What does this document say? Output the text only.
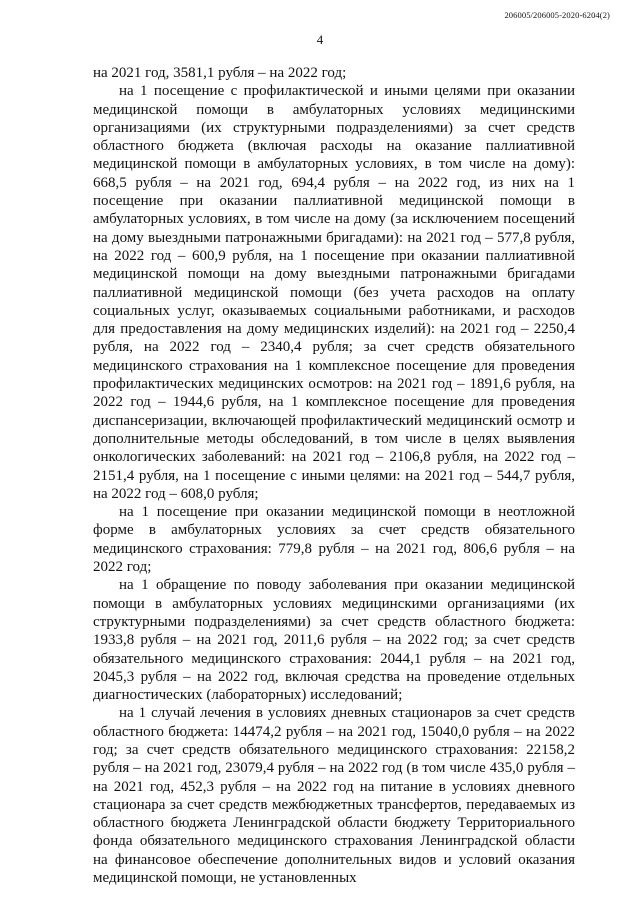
206005/206005-2020-6204(2)
4

на 2021 год, 3581,1 рубля – на 2022 год;

на 1 посещение с профилактической и иными целями при оказании медицинской помощи в амбулаторных условиях медицинскими организациями (их структурными подразделениями) за счет средств областного бюджета (включая расходы на оказание паллиативной медицинской помощи в амбулаторных условиях, в том числе на дому): 668,5 рубля – на 2021 год, 694,4 рубля – на 2022 год, из них на 1 посещение при оказании паллиативной медицинской помощи в амбулаторных условиях, в том числе на дому (за исключением посещений на дому выездными патронажными бригадами): на 2021 год – 577,8 рубля, на 2022 год – 600,9 рубля, на 1 посещение при оказании паллиативной медицинской помощи на дому выездными патронажными бригадами паллиативной медицинской помощи (без учета расходов на оплату социальных услуг, оказываемых социальными работниками, и расходов для предоставления на дому медицинских изделий): на 2021 год – 2250,4 рубля, на 2022 год – 2340,4 рубля; за счет средств обязательного медицинского страхования на 1 комплексное посещение для проведения профилактических медицинских осмотров: на 2021 год – 1891,6 рубля, на 2022 год – 1944,6 рубля, на 1 комплексное посещение для проведения диспансеризации, включающей профилактический медицинский осмотр и дополнительные методы обследований, в том числе в целях выявления онкологических заболеваний: на 2021 год – 2106,8 рубля, на 2022 год – 2151,4 рубля, на 1 посещение с иными целями: на 2021 год – 544,7 рубля, на 2022 год – 608,0 рубля;

на 1 посещение при оказании медицинской помощи в неотложной форме в амбулаторных условиях за счет средств обязательного медицинского страхования: 779,8 рубля – на 2021 год, 806,6 рубля – на 2022 год;

на 1 обращение по поводу заболевания при оказании медицинской помощи в амбулаторных условиях медицинскими организациями (их структурными подразделениями) за счет средств областного бюджета: 1933,8 рубля – на 2021 год, 2011,6 рубля – на 2022 год; за счет средств обязательного медицинского страхования: 2044,1 рубля – на 2021 год, 2045,3 рубля – на 2022 год, включая средства на проведение отдельных диагностических (лабораторных) исследований;

на 1 случай лечения в условиях дневных стационаров за счет средств областного бюджета: 14474,2 рубля – на 2021 год, 15040,0 рубля – на 2022 год; за счет средств обязательного медицинского страхования: 22158,2 рубля – на 2021 год, 23079,4 рубля – на 2022 год (в том числе 435,0 рубля – на 2021 год, 452,3 рубля – на 2022 год на питание в условиях дневного стационара за счет средств межбюджетных трансфертов, передаваемых из областного бюджета Ленинградской области бюджету Территориального фонда обязательного медицинского страхования Ленинградской области на финансовое обеспечение дополнительных видов и условий оказания медицинской помощи, не установленных
